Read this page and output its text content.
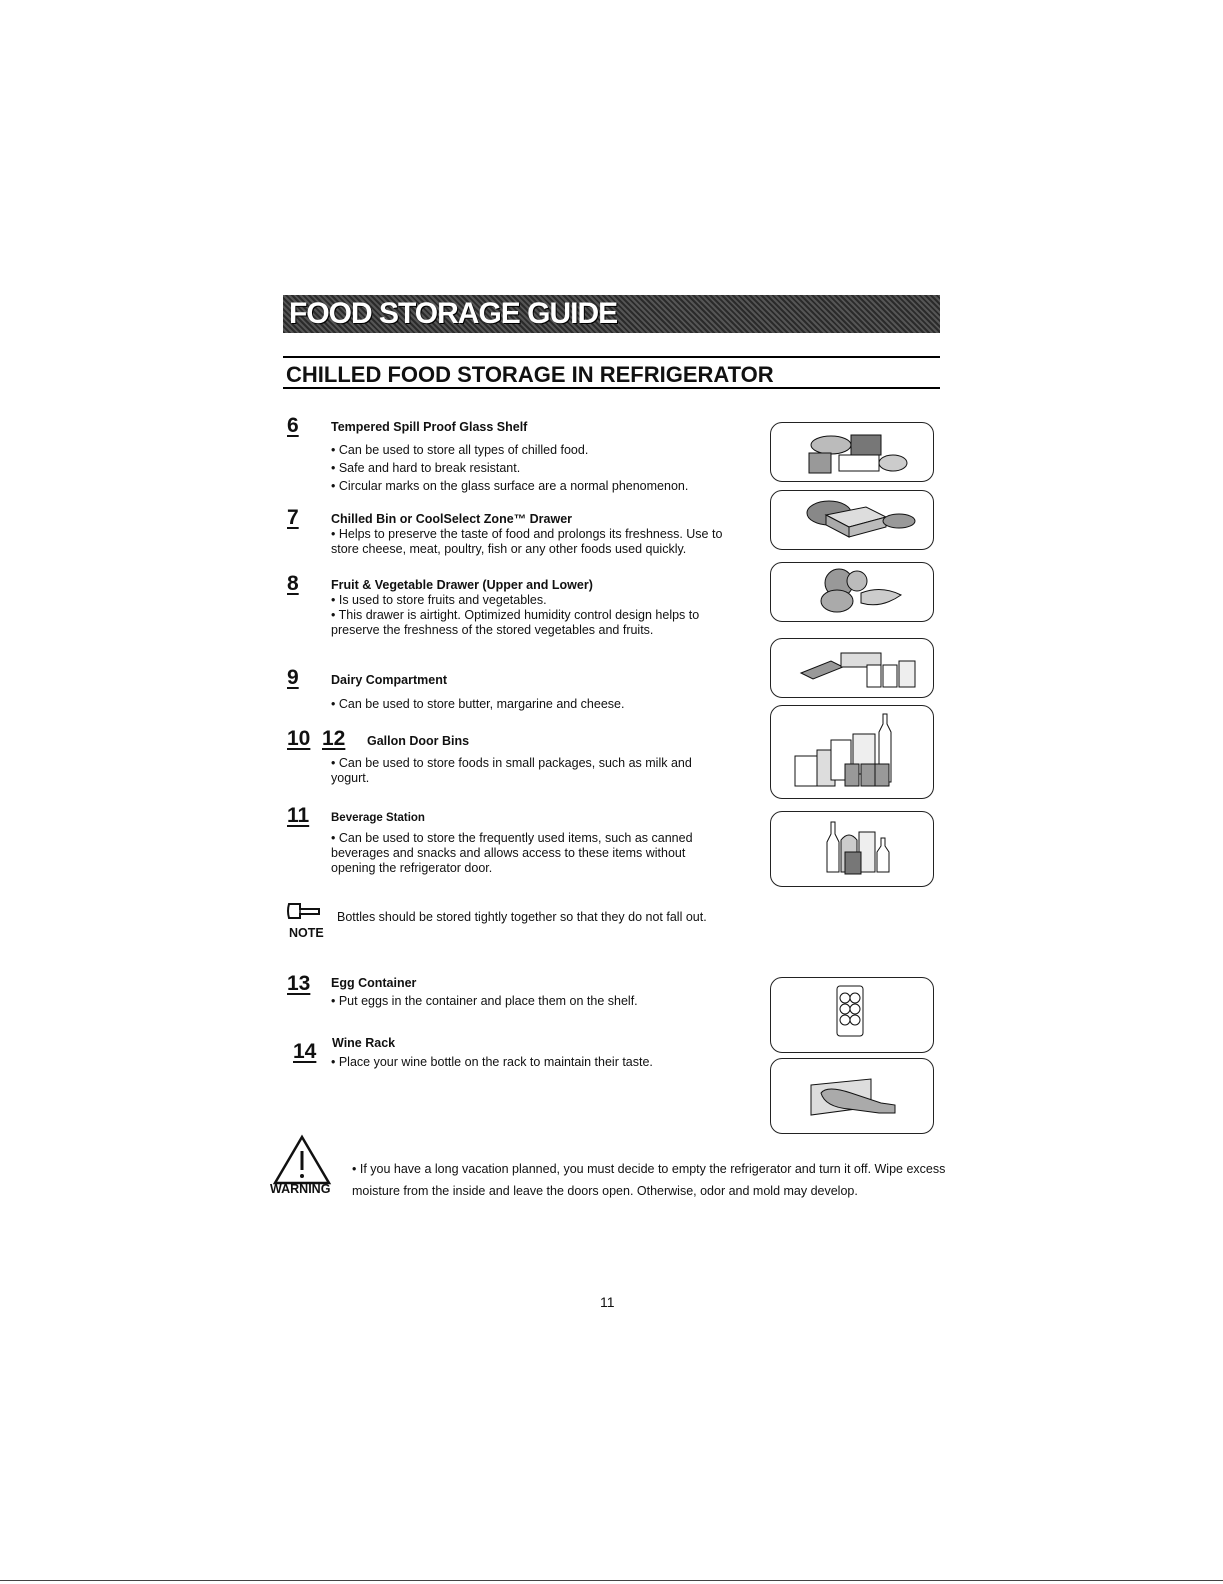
FOOD STORAGE GUIDE
CHILLED FOOD STORAGE IN REFRIGERATOR
6	Tempered Spill Proof Glass Shelf
• Can be used to store all types of chilled food.
• Safe and hard to break resistant.
• Circular marks on the glass surface are a normal phenomenon.
7	Chilled Bin or CoolSelect Zone™ Drawer
• Helps to preserve the taste of food and prolongs its freshness. Use to store cheese, meat, poultry, fish or any other foods used quickly.
8	Fruit & Vegetable Drawer (Upper and Lower)
• Is used to store fruits and vegetables.
• This drawer is airtight. Optimized humidity control design helps to preserve the freshness of the stored vegetables and fruits.
9	Dairy Compartment
• Can be used to store butter, margarine and cheese.
10 12 Gallon Door Bins
• Can be used to store foods in small packages, such as milk and yogurt.
11 Beverage Station
• Can be used to store the frequently used items, such as canned beverages and snacks and allows access to these items without opening the refrigerator door.
NOTE
Bottles should be stored tightly together so that they do not fall out.
13 Egg Container
• Put eggs in the container and place them on the shelf.
14 Wine Rack
• Place your wine bottle on the rack to maintain their taste.
WARNING
• If you have a long vacation planned, you must decide to empty the refrigerator and turn it off. Wipe excess moisture from the inside and leave the doors open. Otherwise, odor and mold may develop.
11
